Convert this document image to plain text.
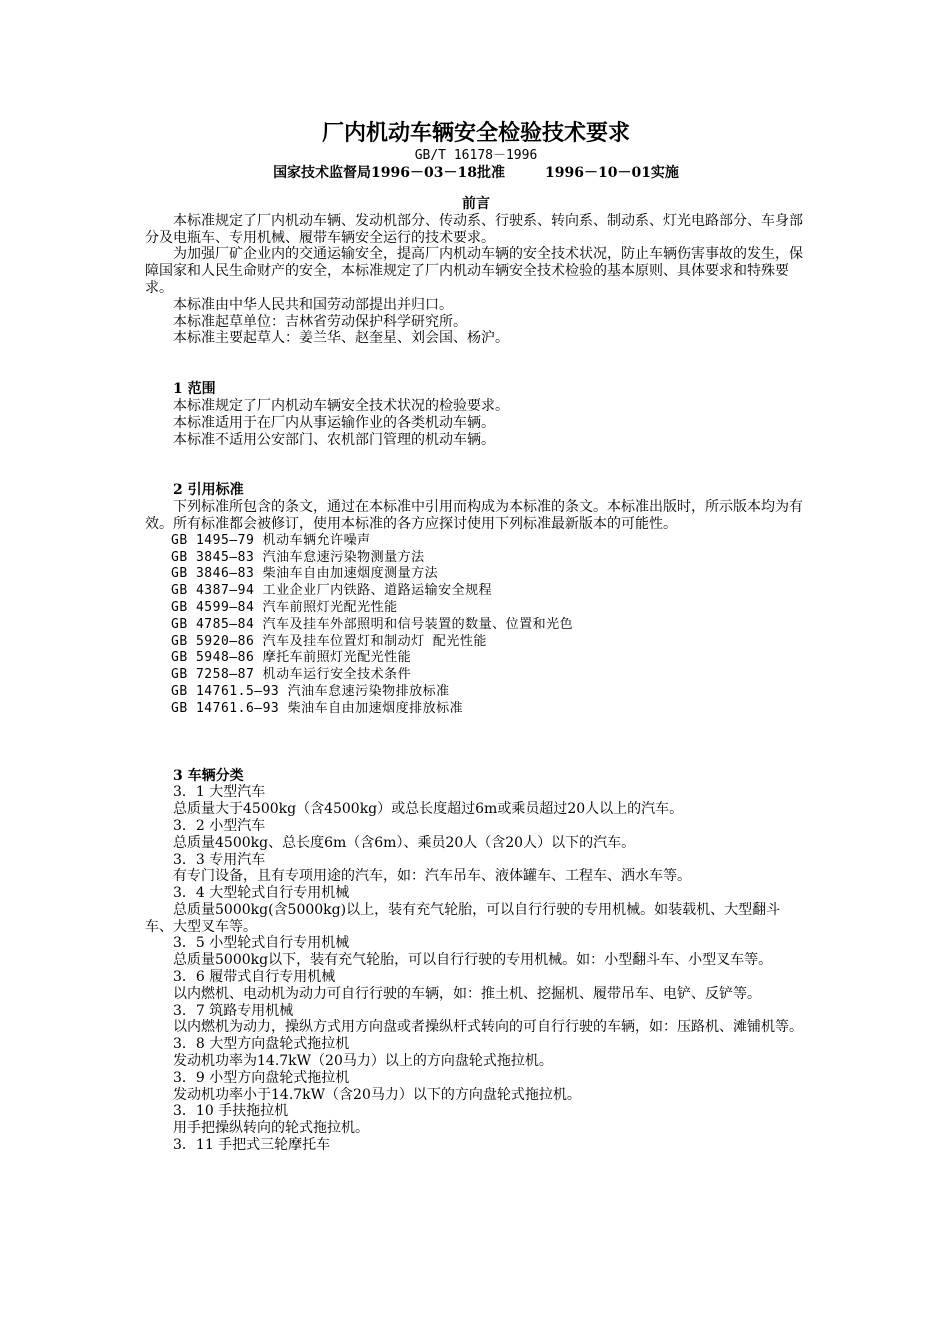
厂内机动车辆安全检验技术要求
GB/T 16178－1996
国家技术监督局1996－03－18批准	1996－10－01实施
前言
本标准规定了厂内机动车辆、发动机部分、传动系、行驶系、转向系、制动系、灯光电路部分、车身部分及电瓶车、专用机械、履带车辆安全运行的技术要求。
为加强厂矿企业内的交通运输安全，提高厂内机动车辆的安全技术状况，防止车辆伤害事故的发生，保障国家和人民生命财产的安全，本标准规定了厂内机动车辆安全技术检验的基本原则、具体要求和特殊要求。
本标准由中华人民共和国劳动部提出并归口。
本标准起草单位：吉林省劳动保护科学研究所。
本标准主要起草人：姜兰华、赵奎星、刘会国、杨沪。
1 范围
本标准规定了厂内机动车辆安全技术状况的检验要求。
本标准适用于在厂内从事运输作业的各类机动车辆。
本标准不适用公安部门、农机部门管理的机动车辆。
2 引用标准
下列标准所包含的条文，通过在本标准中引用而构成为本标准的条文。本标准出版时，所示版本均为有效。所有标准都会被修订，使用本标准的各方应探讨使用下列标准最新版本的可能性。
GB 1495—79 机动车辆允许噪声
GB 3845—83 汽油车怠速污染物测量方法
GB 3846—83 柴油车自由加速烟度测量方法
GB 4387—94 工业企业厂内铁路、道路运输安全规程
GB 4599—84 汽车前照灯光配光性能
GB 4785—84 汽车及挂车外部照明和信号装置的数量、位置和光色
GB 5920—86 汽车及挂车位置灯和制动灯 配光性能
GB 5948—86 摩托车前照灯光配光性能
GB 7258—87 机动车运行安全技术条件
GB 14761.5—93 汽油车怠速污染物排放标准
GB 14761.6—93 柴油车自由加速烟度排放标准
3 车辆分类
3．1 大型汽车
总质量大于4500kg（含4500kg）或总长度超过6m或乘员超过20人以上的汽车。
3．2 小型汽车
总质量4500kg、总长度6m（含6m）、乘员20人（含20人）以下的汽车。
3．3 专用汽车
有专门设备，且有专项用途的汽车，如：汽车吊车、液体罐车、工程车、洒水车等。
3．4 大型轮式自行专用机械
总质量5000kg(含5000kg)以上，装有充气轮胎，可以自行行驶的专用机械。如装载机、大型翻斗车、大型叉车等。
3．5 小型轮式自行专用机械
总质量5000kg以下，装有充气轮胎，可以自行行驶的专用机械。如：小型翻斗车、小型叉车等。
3．6 履带式自行专用机械
以内燃机、电动机为动力可自行行驶的车辆，如：推土机、挖掘机、履带吊车、电铲、反铲等。
3．7 筑路专用机械
以内燃机为动力，操纵方式用方向盘或者操纵杆式转向的可自行行驶的车辆，如：压路机、滩铺机等。
3．8 大型方向盘轮式拖拉机
发动机功率为14.7kW（20马力）以上的方向盘轮式拖拉机。
3．9 小型方向盘轮式拖拉机
发动机功率小于14.7kW（含20马力）以下的方向盘轮式拖拉机。
3．10 手扶拖拉机
用手把操纵转向的轮式拖拉机。
3．11 手把式三轮摩托车
